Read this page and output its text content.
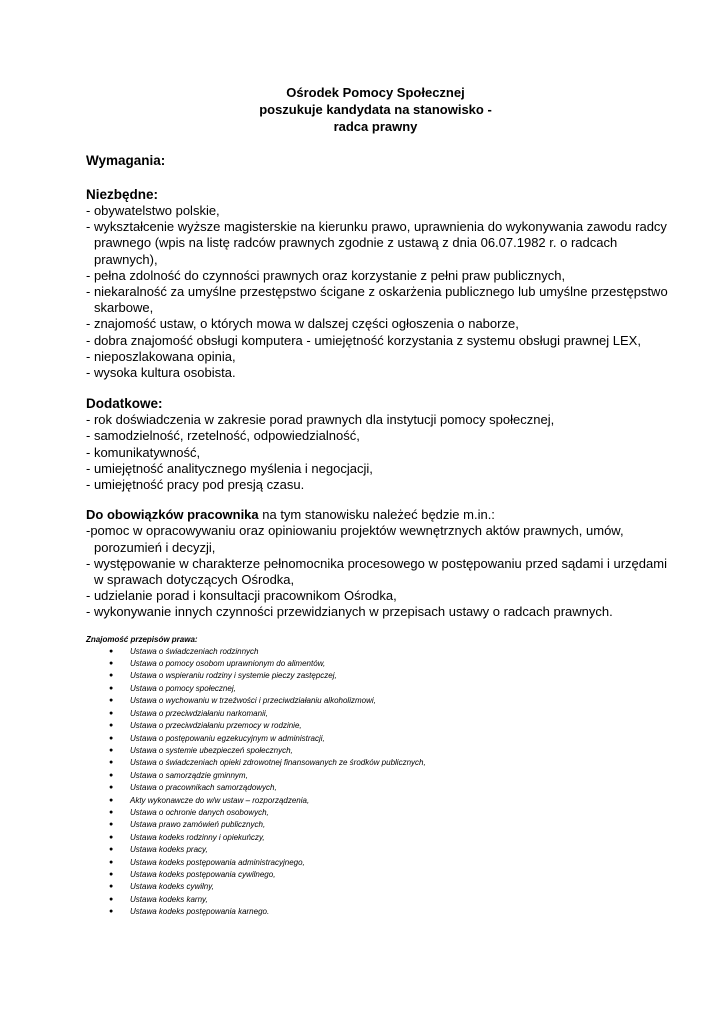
Ośrodek Pomocy Społecznej
poszukuje kandydata na stanowisko -
radca prawny
Wymagania:
Niezbędne:
- obywatelstwo polskie,
- wykształcenie wyższe magisterskie na kierunku prawo, uprawnienia do wykonywania zawodu radcy
prawnego (wpis na listę radców prawnych zgodnie z ustawą z dnia 06.07.1982 r. o radcach
prawnych),
- pełna zdolność do czynności prawnych oraz korzystanie z pełni praw publicznych,
- niekaralność za umyślne przestępstwo ścigane z oskarżenia publicznego lub umyślne przestępstwo
skarbowe,
- znajomość ustaw, o których mowa w dalszej części ogłoszenia o naborze,
- dobra znajomość obsługi komputera - umiejętność korzystania z systemu obsługi prawnej LEX,
- nieposzlakowana opinia,
- wysoka kultura osobista.
Dodatkowe:
- rok doświadczenia w zakresie porad prawnych dla instytucji pomocy społecznej,
- samodzielność, rzetelność, odpowiedzialność,
- komunikatywność,
- umiejętność analitycznego myślenia i negocjacji,
- umiejętność pracy pod presją czasu.
Do obowiązków pracownika na tym stanowisku należeć będzie m.in.:
-pomoc w opracowywaniu oraz opiniowaniu projektów wewnętrznych aktów prawnych, umów,
porozumień i decyzji,
- występowanie w charakterze pełnomocnika procesowego w postępowaniu przed sądami i urzędami
w sprawach dotyczących Ośrodka,
- udzielanie porad i konsultacji pracownikom Ośrodka,
- wykonywanie innych czynności przewidzianych w przepisach ustawy o radcach prawnych.
Znajomość przepisów prawa:
● Ustawa o świadczeniach rodzinnych
● Ustawa o pomocy osobom uprawnionym do alimentów,
● Ustawa o wspieraniu rodziny i systemie pieczy zastępczej,
● Ustawa o pomocy społecznej,
● Ustawa o wychowaniu w trzeźwości i przeciwdziałaniu alkoholizmowi,
● Ustawa o przeciwdziałaniu narkomanii,
● Ustawa o przeciwdziałaniu przemocy w rodzinie,
● Ustawa o postępowaniu egzekucyjnym w administracji,
● Ustawa o systemie ubezpieczeń społecznych,
● Ustawa o świadczeniach opieki zdrowotnej finansowanych ze środków publicznych,
● Ustawa o samorządzie gminnym,
● Ustawa o pracownikach samorządowych,
● Akty wykonawcze do w/w ustaw – rozporządzenia,
● Ustawa o ochronie danych osobowych,
● Ustawa prawo zamówień publicznych,
● Ustawa kodeks rodzinny i opiekuńczy,
● Ustawa kodeks pracy,
● Ustawa kodeks postępowania administracyjnego,
● Ustawa kodeks postępowania cywilnego,
● Ustawa kodeks cywilny,
● Ustawa kodeks karny,
● Ustawa kodeks postępowania karnego.
